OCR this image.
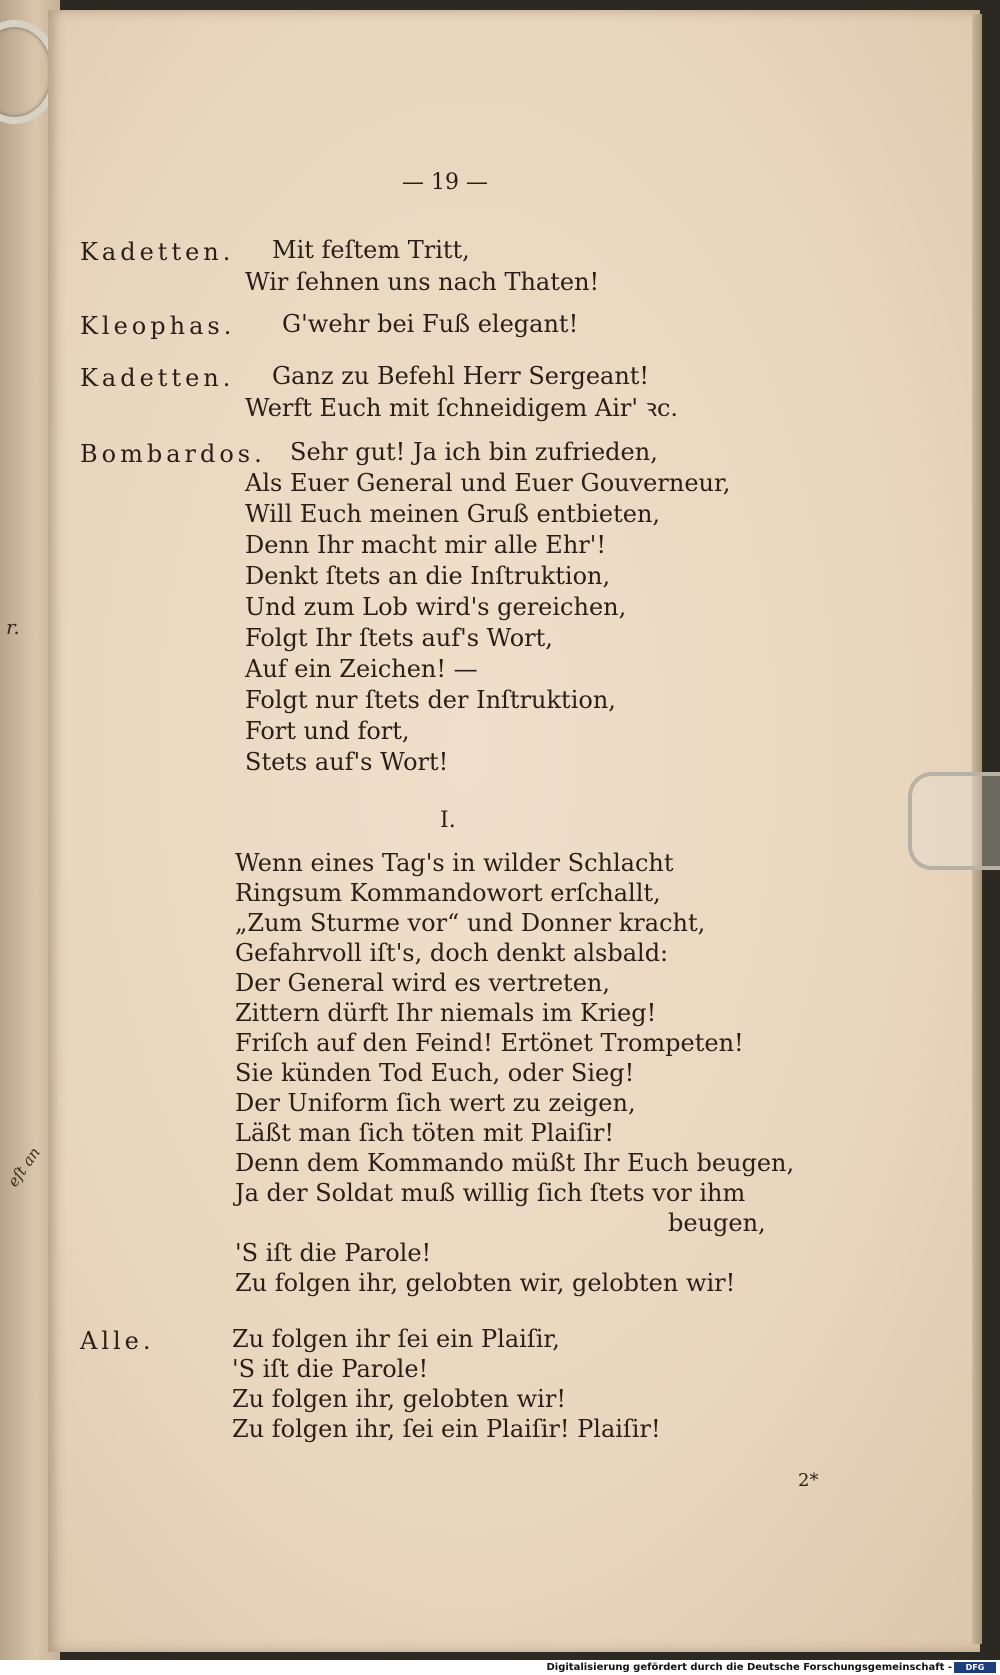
r.
eſt an
— 19 —
Kadetten. Mit feſtem Tritt,
Wir ſehnen uns nach Thaten!
Kleophas. G'wehr bei Fuß elegant!
Kadetten. Ganz zu Befehl Herr Sergeant!
Werft Euch mit ſchneidigem Air' ꝛc.
Bombardos. Sehr gut! Ja ich bin zufrieden,
Als Euer General und Euer Gouverneur,
Will Euch meinen Gruß entbieten,
Denn Ihr macht mir alle Ehr'!
Denkt ſtets an die Inſtruktion,
Und zum Lob wird's gereichen,
Folgt Ihr ſtets auf's Wort,
Auf ein Zeichen! —
Folgt nur ſtets der Inſtruktion,
Fort und fort,
Stets auf's Wort!
I.
Wenn eines Tag's in wilder Schlacht
Ringsum Kommandowort erſchallt,
„Zum Sturme vor“ und Donner kracht,
Gefahrvoll iſt's, doch denkt alsbald:
Der General wird es vertreten,
Zittern dürft Ihr niemals im Krieg!
Friſch auf den Feind! Ertönet Trompeten!
Sie künden Tod Euch, oder Sieg!
Der Uniform ſich wert zu zeigen,
Läßt man ſich töten mit Plaiſir!
Denn dem Kommando müßt Ihr Euch beugen,
Ja der Soldat muß willig ſich ſtets vor ihm
beugen,
'S iſt die Parole!
Zu folgen ihr, gelobten wir, gelobten wir!
Alle.	Zu folgen ihr ſei ein Plaiſir,
'S iſt die Parole!
Zu folgen ihr, gelobten wir!
Zu folgen ihr, ſei ein Plaiſir! Plaiſir!
2*
Digitalisierung gefördert durch die Deutsche Forschungsgemeinschaft -	DFG
